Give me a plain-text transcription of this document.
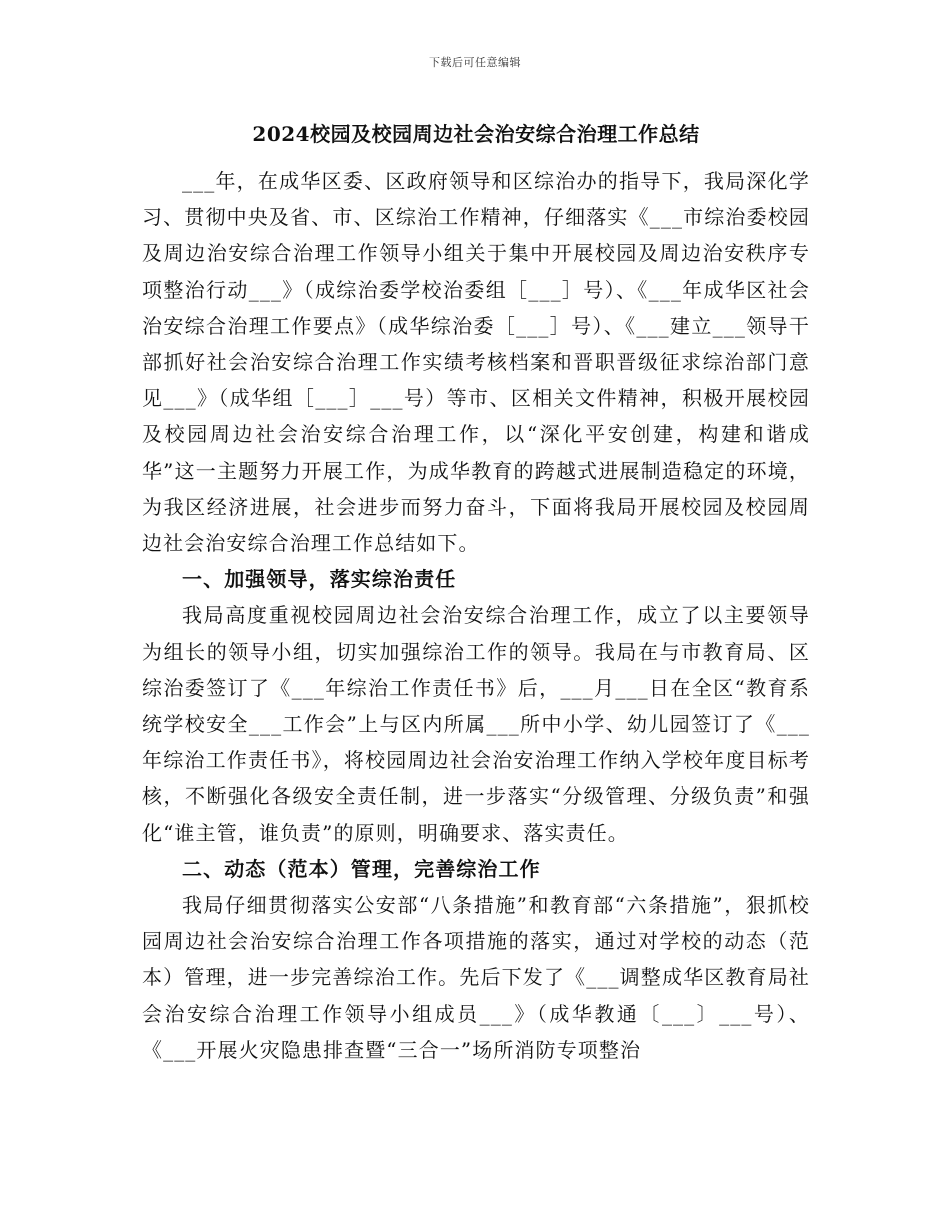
下载后可任意编辑
2024校园及校园周边社会治安综合治理工作总结

___年，在成华区委、区政府领导和区综治办的指导下，我局深化学习、贯彻中央及省、市、区综治工作精神，仔细落实《___市综治委校园及周边治安综合治理工作领导小组关于集中开展校园及周边治安秩序专项整治行动___》（成综治委学校治委组［___］号）、《___年成华区社会治安综合治理工作要点》（成华综治委［___］号）、《___建立___领导干部抓好社会治安综合治理工作实绩考核档案和晋职晋级征求综治部门意见___》（成华组［___］___号）等市、区相关文件精神，积极开展校园及校园周边社会治安综合治理工作，以“深化平安创建，构建和谐成华”这一主题努力开展工作，为成华教育的跨越式进展制造稳定的环境，为我区经济进展，社会进步而努力奋斗，下面将我局开展校园及校园周边社会治安综合治理工作总结如下。

一、加强领导，落实综治责任

我局高度重视校园周边社会治安综合治理工作，成立了以主要领导为组长的领导小组，切实加强综治工作的领导。我局在与市教育局、区综治委签订了《___年综治工作责任书》后，___月___日在全区“教育系统学校安全___工作会”上与区内所属___所中小学、幼儿园签订了《___年综治工作责任书》，将校园周边社会治安治理工作纳入学校年度目标考核，不断强化各级安全责任制，进一步落实“分级管理、分级负责”和强化“谁主管，谁负责”的原则，明确要求、落实责任。

二、动态（范本）管理，完善综治工作

我局仔细贯彻落实公安部“八条措施”和教育部“六条措施”，狠抓校园周边社会治安综合治理工作各项措施的落实，通过对学校的动态（范本）管理，进一步完善综治工作。先后下发了《___调整成华区教育局社会治安综合治理工作领导小组成员___》（成华教通〔___〕___号）、《___开展火灾隐患排查暨“三合一”场所消防专项整治
